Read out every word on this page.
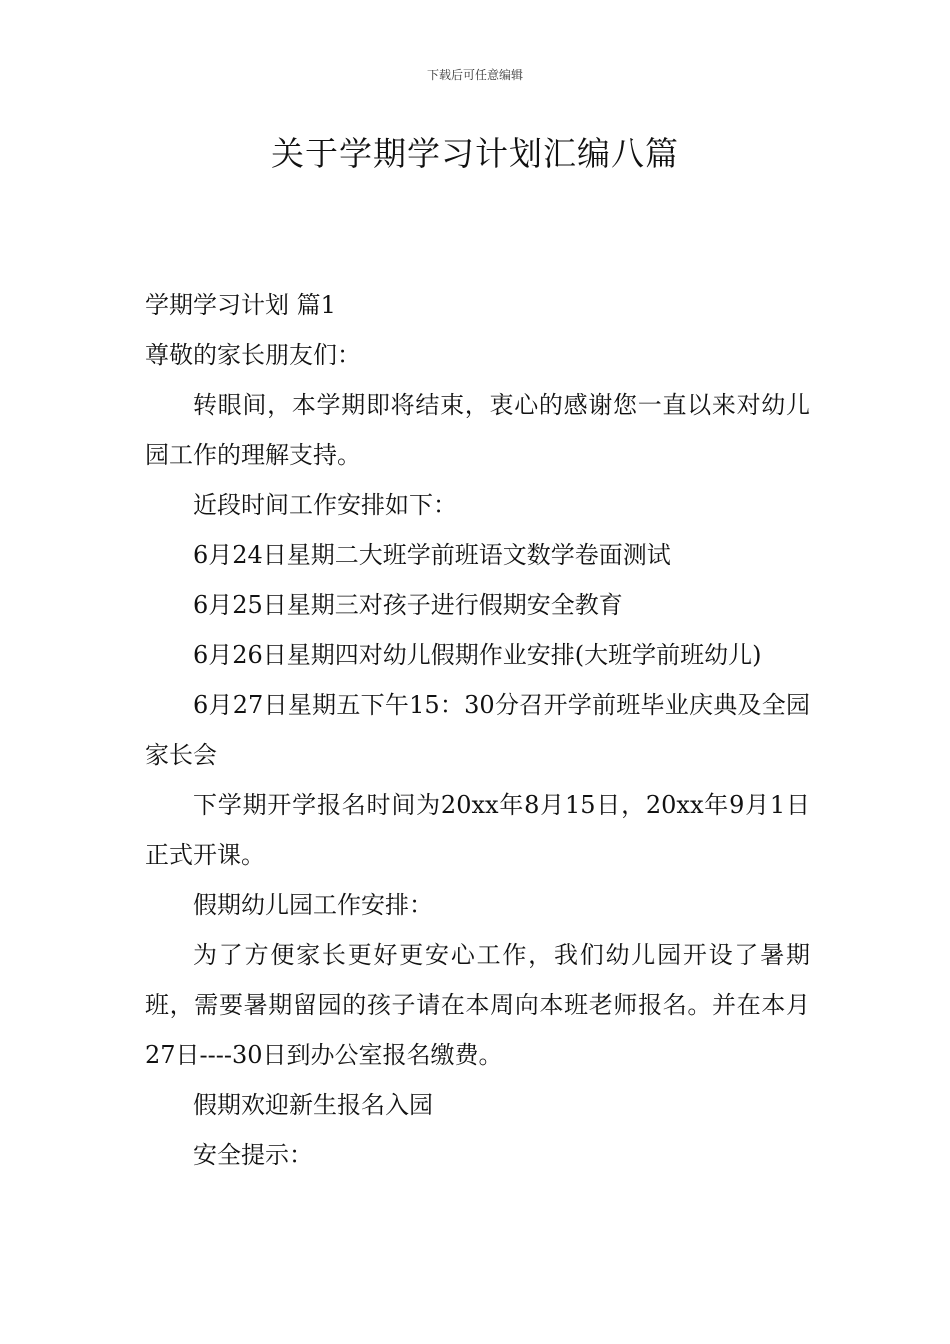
下载后可任意编辑
关于学期学习计划汇编八篇

学期学习计划 篇1

尊敬的家长朋友们：

转眼间，本学期即将结束，衷心的感谢您一直以来对幼儿园工作的理解支持。

近段时间工作安排如下：

6月24日星期二大班学前班语文数学卷面测试

6月25日星期三对孩子进行假期安全教育

6月26日星期四对幼儿假期作业安排(大班学前班幼儿)

6月27日星期五下午15：30分召开学前班毕业庆典及全园家长会

下学期开学报名时间为20xx年8月15日，20xx年9月1日正式开课。

假期幼儿园工作安排：

为了方便家长更好更安心工作，我们幼儿园开设了暑期班，需要暑期留园的孩子请在本周向本班老师报名。并在本月27日----30日到办公室报名缴费。

假期欢迎新生报名入园

安全提示：
